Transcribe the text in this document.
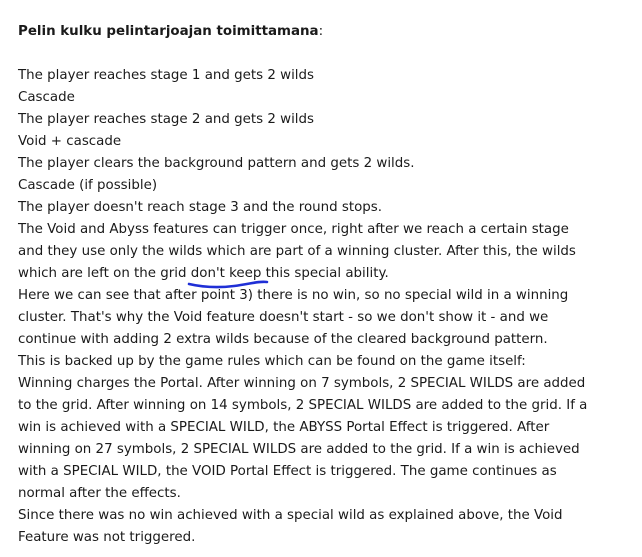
Pelin kulku pelintarjoajan toimittamana:

The player reaches stage 1 and gets 2 wilds

Cascade

The player reaches stage 2 and gets 2 wilds

Void + cascade

The player clears the background pattern and gets 2 wilds.

Cascade (if possible)

The player doesn't reach stage 3 and the round stops.

The Void and Abyss features can trigger once, right after we reach a certain stage

and they use only the wilds which are part of a winning cluster. After this, the wilds

which are left on the grid don't keep
this special ability.

Here we can see that after point 3) there is no win, so no special wild in a winning

cluster. That's why the Void feature doesn't start - so we don't show it - and we

continue with adding 2 extra wilds because of the cleared background pattern.

This is backed up by the game rules which can be found on the game itself:

Winning charges the Portal. After winning on 7 symbols, 2 SPECIAL WILDS are added

to the grid. After winning on 14 symbols, 2 SPECIAL WILDS are added to the grid. If a

win is achieved with a SPECIAL WILD, the ABYSS Portal Effect is triggered. After

winning on 27 symbols, 2 SPECIAL WILDS are added to the grid. If a win is achieved

with a SPECIAL WILD, the VOID Portal Effect is triggered. The game continues as

normal after the effects.

Since there was no win achieved with a special wild as explained above, the Void

Feature was not triggered.
